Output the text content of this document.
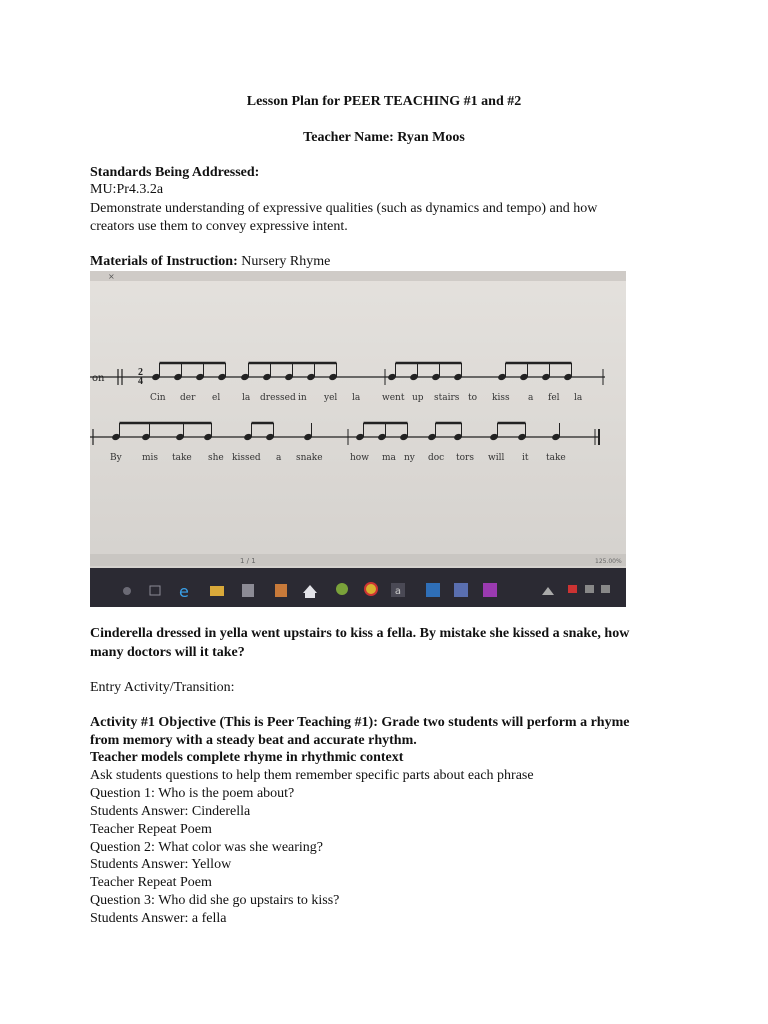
Lesson Plan for PEER TEACHING #1 and #2
Teacher Name: Ryan Moos
Standards Being Addressed:
MU:Pr4.3.2a
Demonstrate understanding of expressive qualities (such as dynamics and tempo) and how
creators use them to convey expressive intent.
Materials of Instruction: Nursery Rhyme
×
on
2
4
Cin der el la dressed in yel la went up stairs to kiss a fel la
By mis take she kissed a snake	how ma ny doc tors will it take
1 / 1	125.00%
e	a
Cinderella dressed in yella went upstairs to kiss a fella. By mistake she kissed a snake, how
many doctors will it take?
Entry Activity/Transition:
Activity #1 Objective (This is Peer Teaching #1): Grade two students will perform a rhyme
from memory with a steady beat and accurate rhythm.
Teacher models complete rhyme in rhythmic context
Ask students questions to help them remember specific parts about each phrase
Question 1: Who is the poem about?
Students Answer: Cinderella
Teacher Repeat Poem
Question 2: What color was she wearing?
Students Answer: Yellow
Teacher Repeat Poem
Question 3: Who did she go upstairs to kiss?
Students Answer: a fella
